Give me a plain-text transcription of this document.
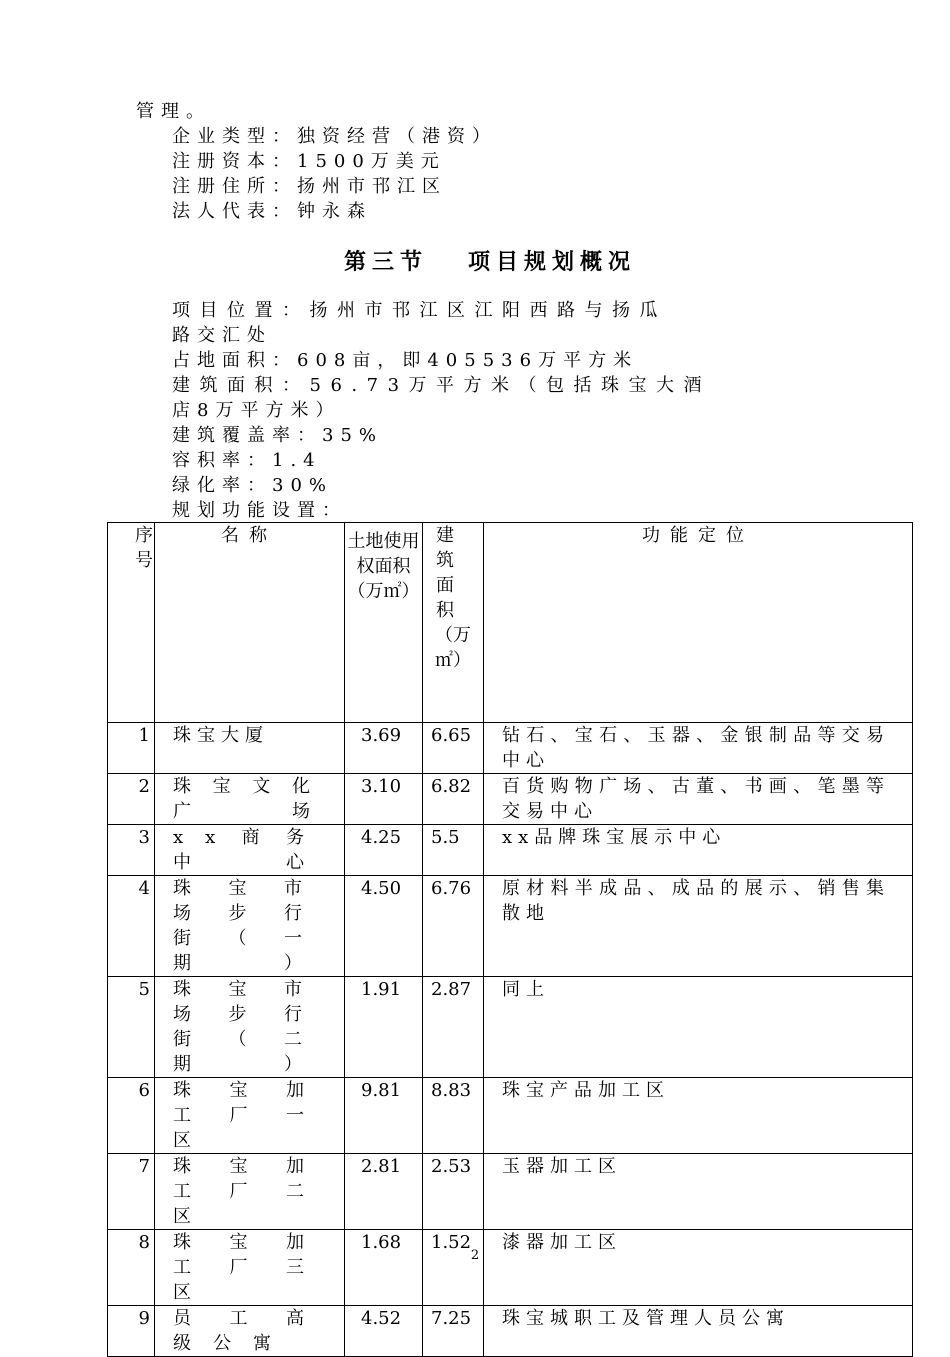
管理。
企业类型：独资经营（港资）
注册资本：1500万美元
注册住所：扬州市邗江区
法人代表：钟永森
第三节 项目规划概况
项目位置：扬州市邗江区江阳西路与扬瓜
路交汇处
占地面积：608亩，即405536万平方米
建筑面积：56.73万平方米（包括珠宝大酒
店8万平方米）
建筑覆盖率：35%
容积率：1.4
绿化率：30%
规划功能设置：
序号	名称	土地使用权面积（万㎡）	建筑面积（万㎡）	功能定位
1	珠宝大厦	3.69	6.65	钻石、宝石、玉器、金银制品等交易中心
2	珠宝文化广场	3.10	6.82	百货购物广场、古董、书画、笔墨等交易中心
3	xx商务中心	4.25	5.5	xx品牌珠宝展示中心
4	珠宝市场步行街（一期）	4.50	6.76	原材料半成品、成品的展示、销售集散地
5	珠宝市场步行街（二期）	1.91	2.87	同上
6	珠宝加工厂一区	9.81	8.83	珠宝产品加工区
7	珠宝加工厂二区	2.81	2.53	玉器加工区
8	珠宝加工厂三区	1.68	1.52	漆器加工区
9	员工高级公寓	4.52	7.25	珠宝城职工及管理人员公寓
2
